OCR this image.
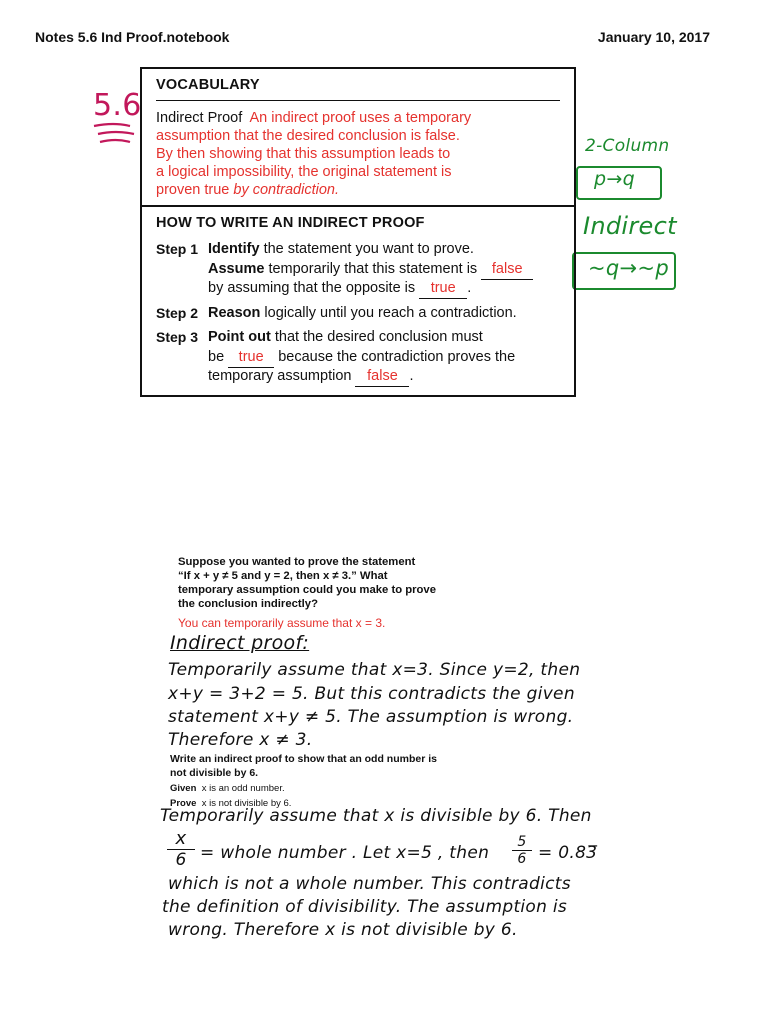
Notes 5.6 Ind Proof.notebook	January 10, 2017
5.6
2-Column
p→q
Indirect
~q→~p
VOCABULARY
Indirect Proof An indirect proof uses a temporary
assumption that the desired conclusion is false.
By then showing that this assumption leads to
a logical impossibility, the original statement is
proven true by contradiction.
HOW TO WRITE AN INDIRECT PROOF
Step 1 Identify the statement you want to prove.
Assume temporarily that this statement is false
by assuming that the opposite is true .
Step 2 Reason logically until you reach a contradiction.
Step 3 Point out that the desired conclusion must
be true because the contradiction proves the
temporary assumption false .
Suppose you wanted to prove the statement
“If x + y ≠ 5 and y = 2, then x ≠ 3.” What
temporary assumption could you make to prove
the conclusion indirectly?
You can temporarily assume that x = 3.
Indirect proof:
Temporarily assume that x=3. Since y=2, then
x+y = 3+2 = 5. But this contradicts the given
statement x+y ≠ 5. The assumption is wrong.
Therefore x ≠ 3.
Write an indirect proof to show that an odd number is
not divisible by 6.
Given x is an odd number.
Prove x is not divisible by 6.
Temporarily assume that x is divisible by 6. Then
x
6 = whole number . Let x=5 , then
5
6 = 0.83̅
which is not a whole number. This contradicts
the definition of divisibility. The assumption is
wrong. Therefore x is not divisible by 6.
